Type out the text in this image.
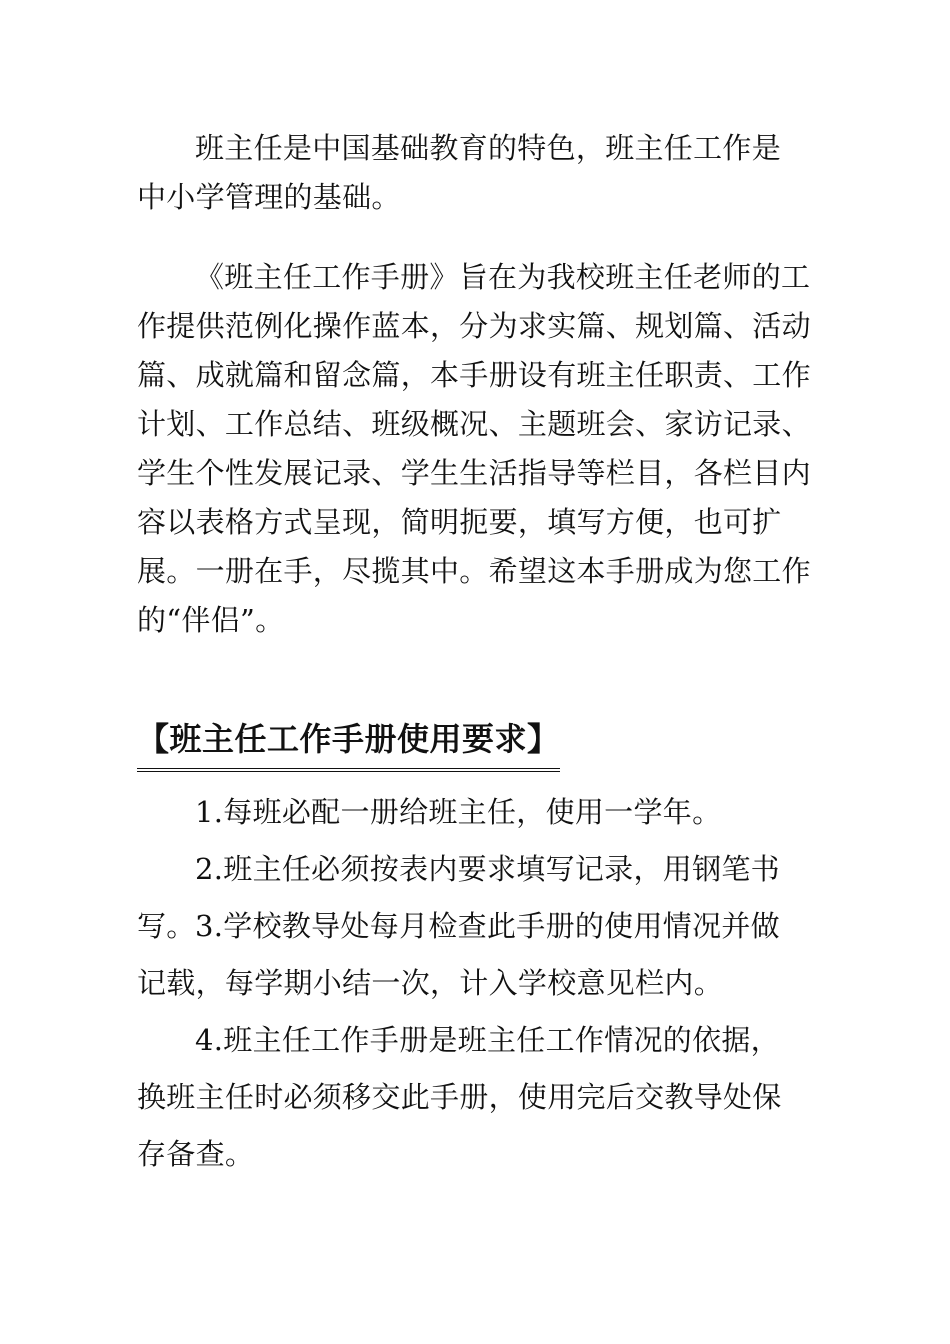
班主任是中国基础教育的特色，班主任工作是中小学管理的基础。

《班主任工作手册》旨在为我校班主任老师的工作提供范例化操作蓝本，分为求实篇、规划篇、活动篇、成就篇和留念篇，本手册设有班主任职责、工作计划、工作总结、班级概况、主题班会、家访记录、学生个性发展记录、学生生活指导等栏目，各栏目内容以表格方式呈现，简明扼要，填写方便，也可扩展。一册在手，尽揽其中。希望这本手册成为您工作的“伴侣”。

【班主任工作手册使用要求】

1.每班必配一册给班主任，使用一学年。

2.班主任必须按表内要求填写记录，用钢笔书写。 3.学校教导处每月检查此手册的使用情况并做记载，每学期小结一次，计入学校意见栏内。

4.班主任工作手册是班主任工作情况的依据，换班主任时必须移交此手册，使用完后交教导处保存备查。
